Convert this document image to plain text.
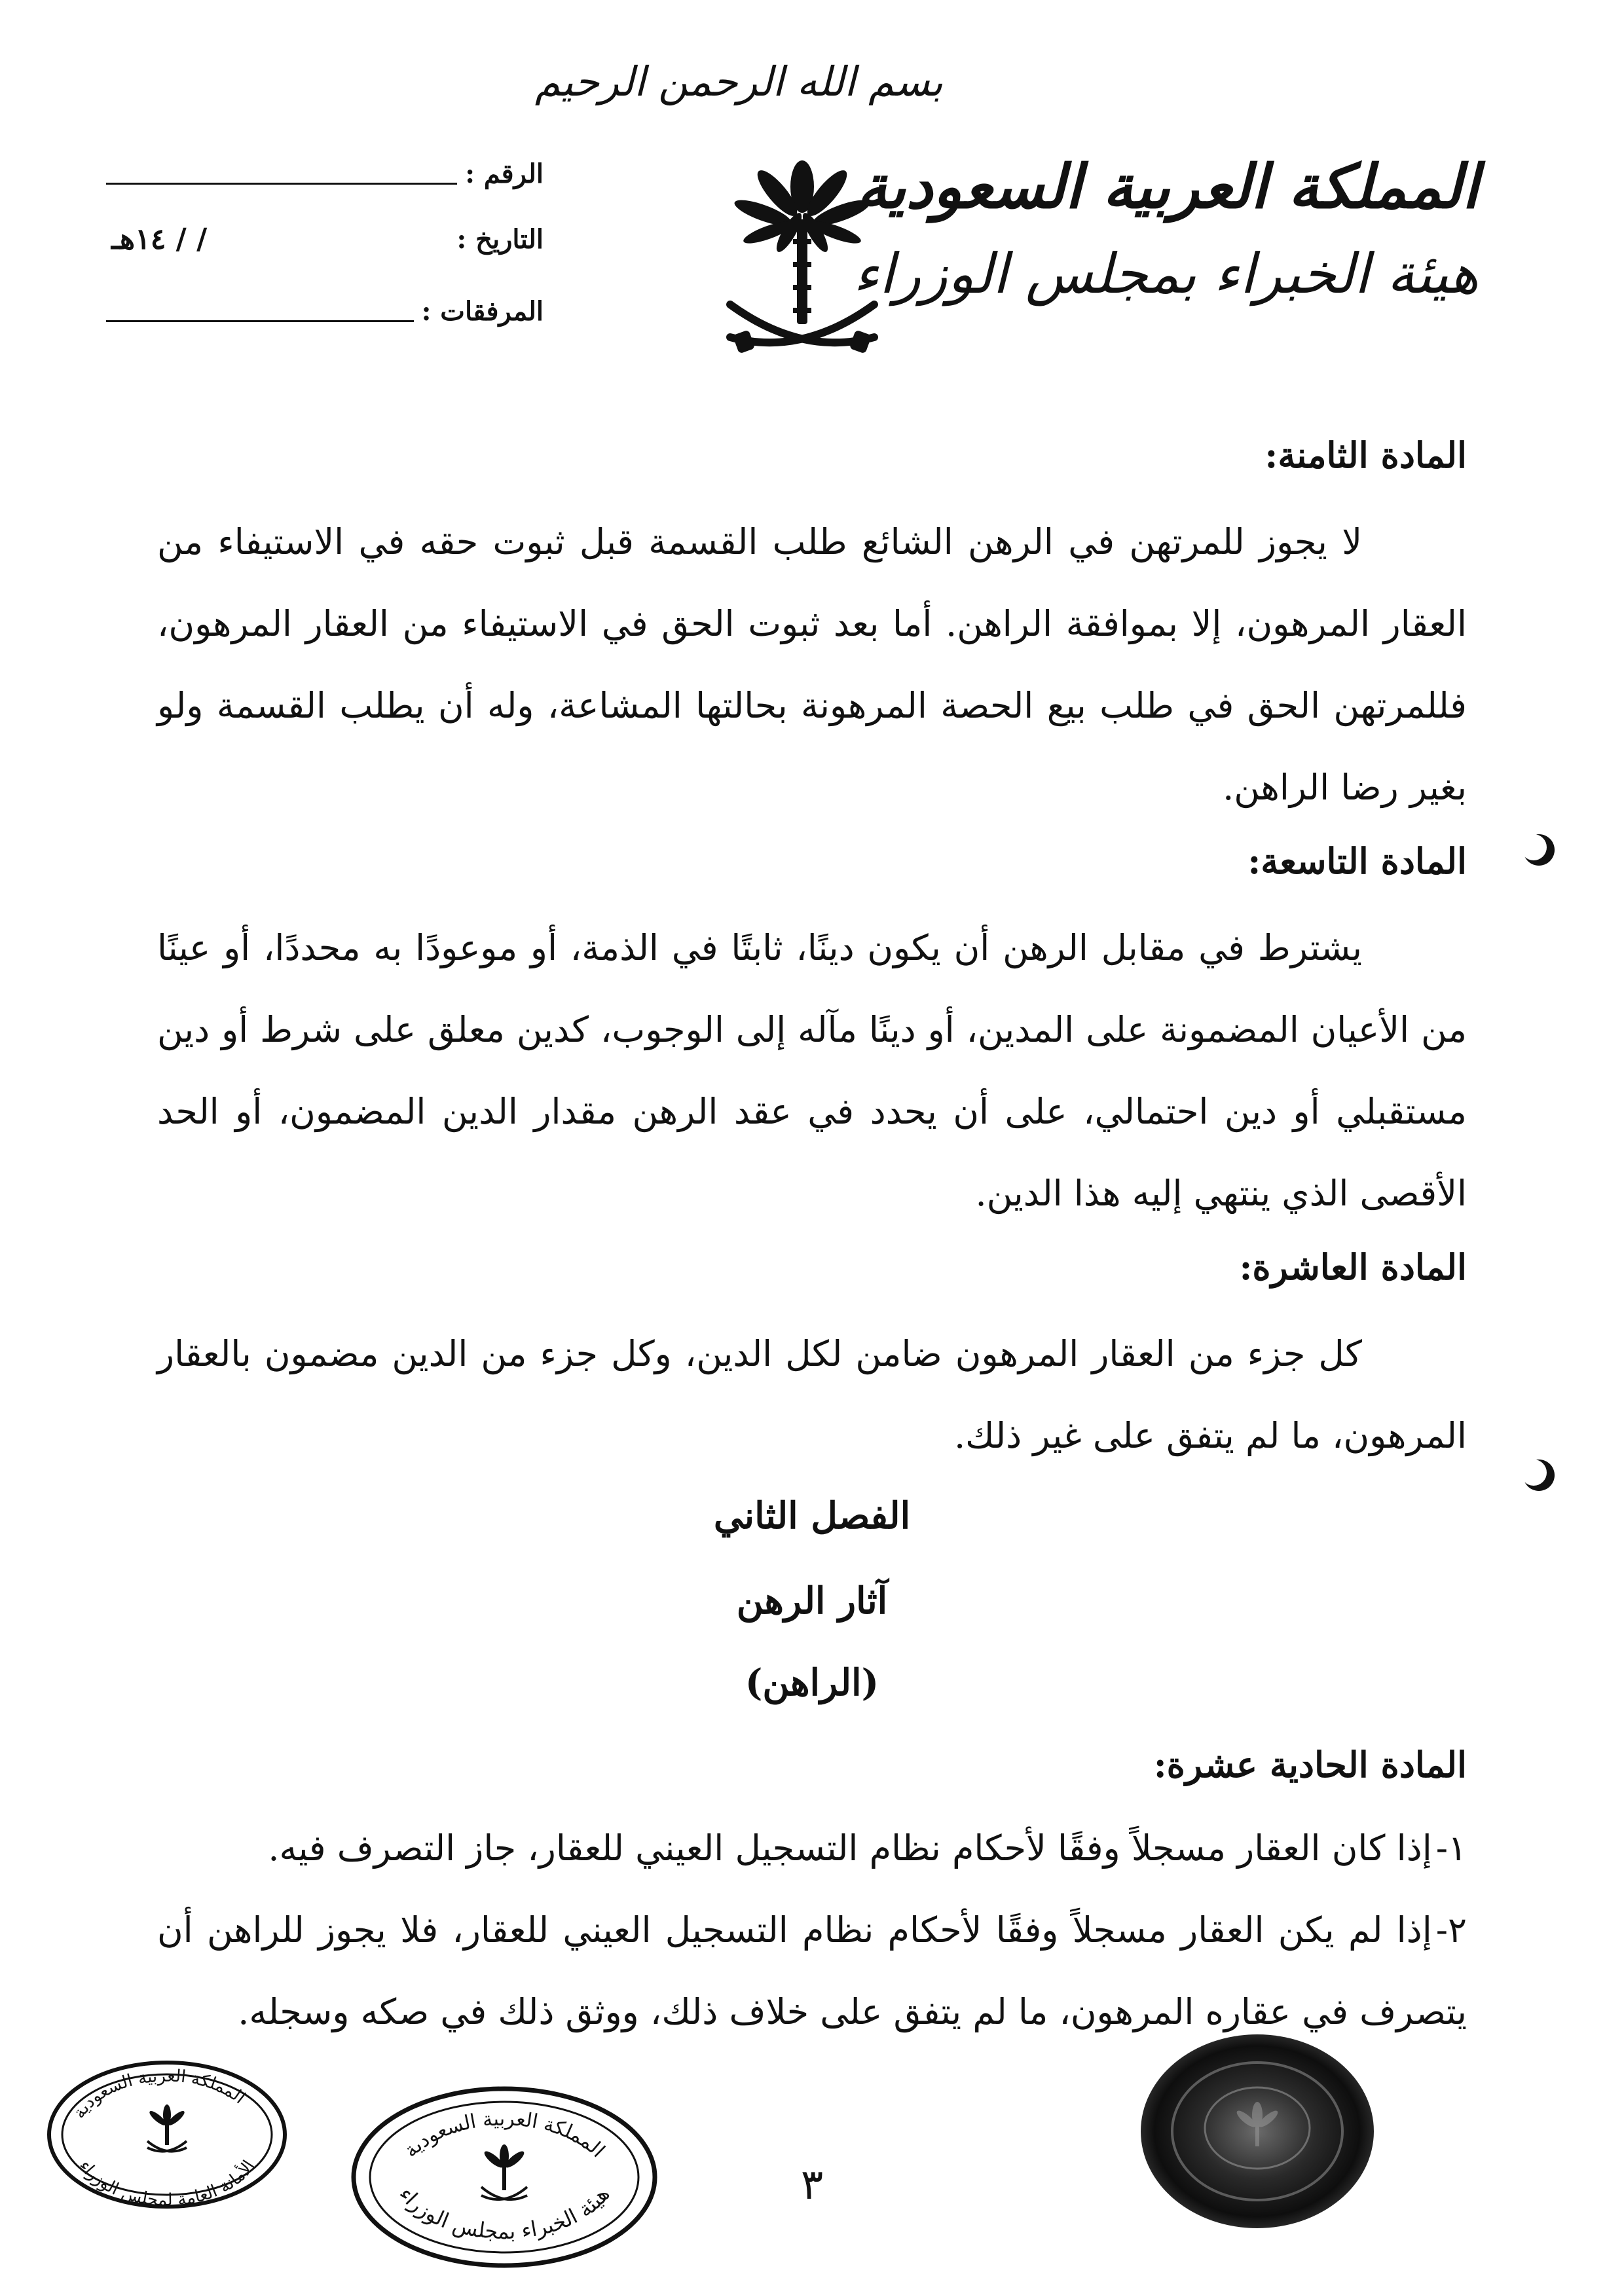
بسم الله الرحمن الرحيم
المملكة العربية السعودية
هيئة الخبراء بمجلس الوزراء
الرقم :
التاريخ :
/ / ١٤هـ
المرفقات :
المادة الثامنة:
لا يجوز للمرتهن في الرهن الشائع طلب القسمة قبل ثبوت حقه في الاستيفاء من العقار المرهون، إلا بموافقة الراهن. أما بعد ثبوت الحق في الاستيفاء من العقار المرهون، فللمرتهن الحق في طلب بيع الحصة المرهونة بحالتها المشاعة، وله أن يطلب القسمة ولو بغير رضا الراهن.
المادة التاسعة:
يشترط في مقابل الرهن أن يكون دينًا، ثابتًا في الذمة، أو موعودًا به محددًا، أو عينًا من الأعيان المضمونة على المدين، أو دينًا مآله إلى الوجوب، كدين معلق على شرط أو دين مستقبلي أو دين احتمالي، على أن يحدد في عقد الرهن مقدار الدين المضمون، أو الحد الأقصى الذي ينتهي إليه هذا الدين.
المادة العاشرة:
كل جزء من العقار المرهون ضامن لكل الدين، وكل جزء من الدين مضمون بالعقار المرهون، ما لم يتفق على غير ذلك.
الفصل الثاني
آثار الرهن
(الراهن)
المادة الحادية عشرة:
١-إذا كان العقار مسجلاً وفقًا لأحكام نظام التسجيل العيني للعقار، جاز التصرف فيه.
٢-إذا لم يكن العقار مسجلاً وفقًا لأحكام نظام التسجيل العيني للعقار، فلا يجوز للراهن أن يتصرف في عقاره المرهون، ما لم يتفق على خلاف ذلك، ووثق ذلك في صكه وسجله.
المملكة العربية السعودية
الأمانة العامة لمجلس الوزراء
المملكة العربية السعودية
هيئة الخبراء بمجلس الوزراء	٣
